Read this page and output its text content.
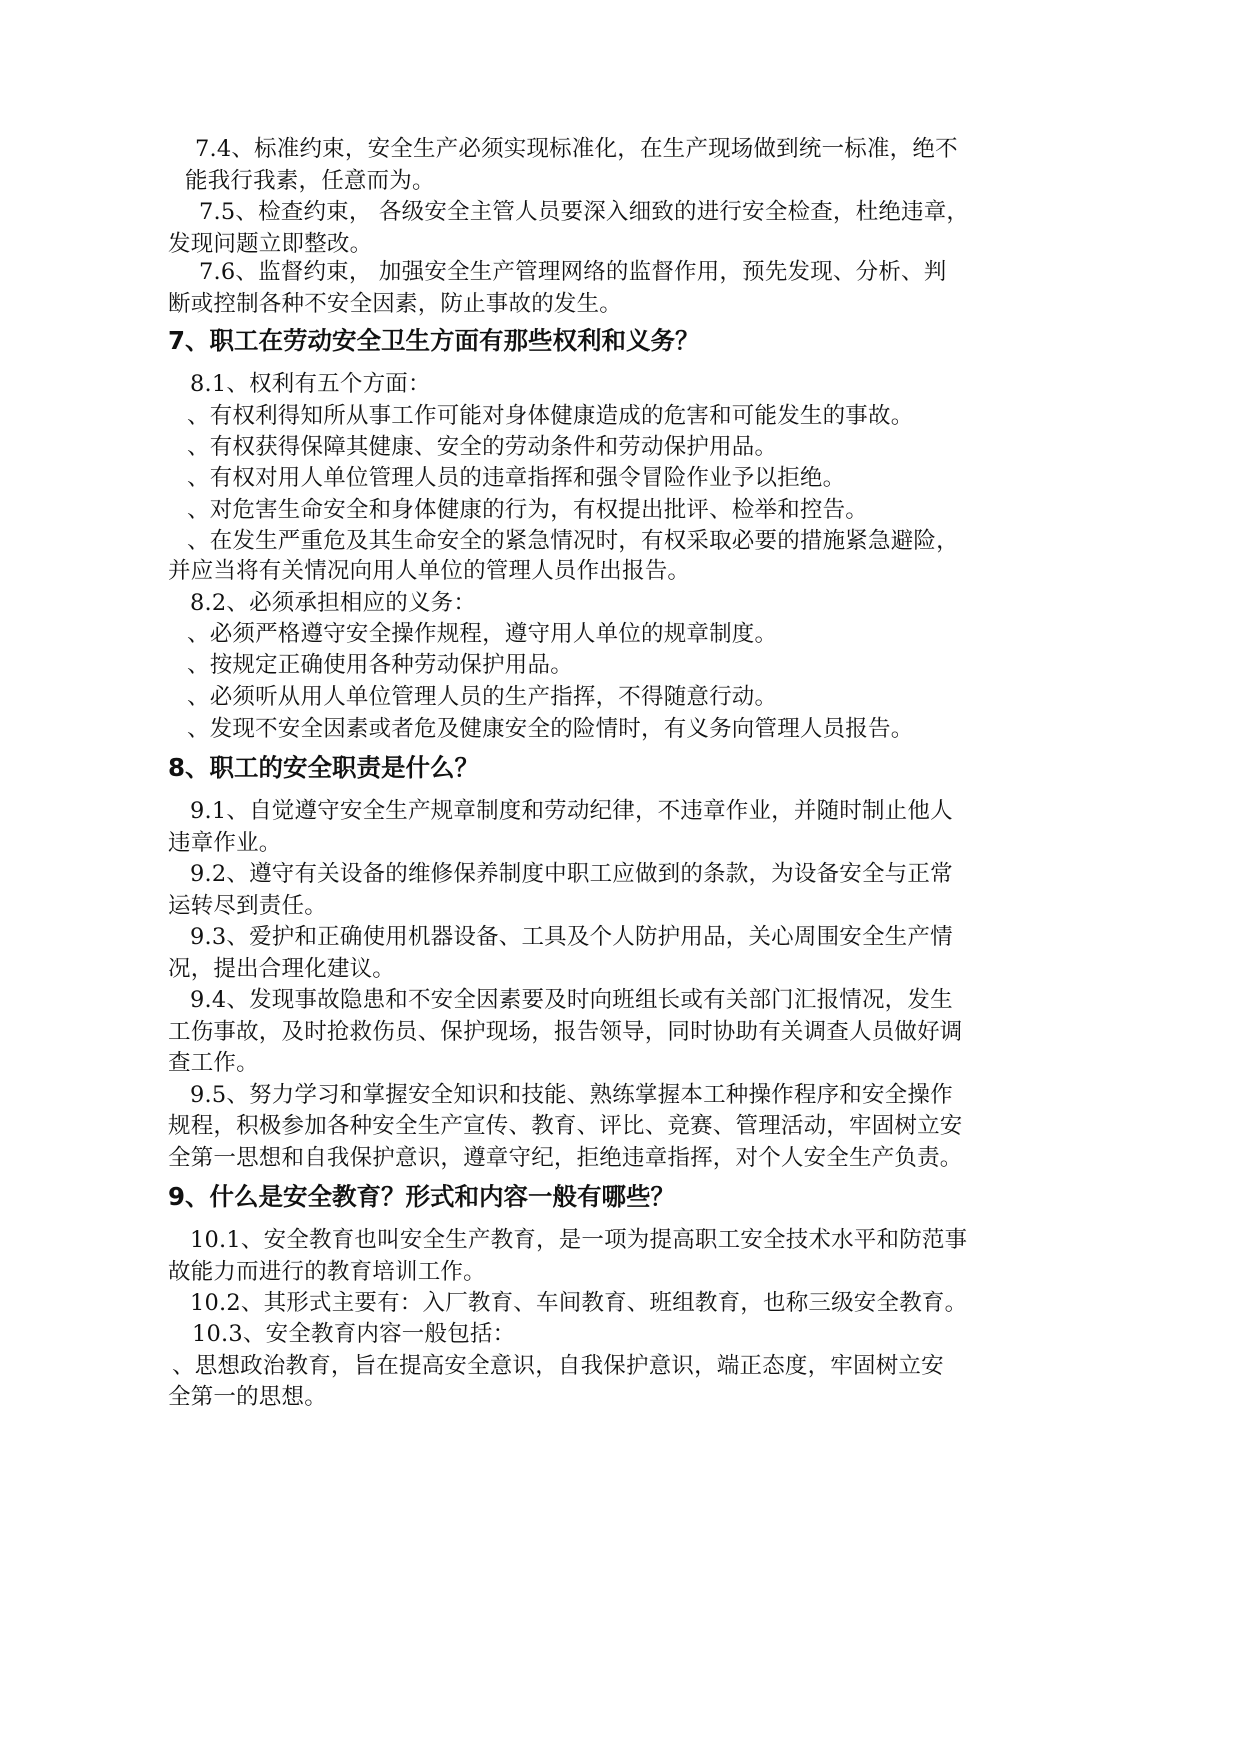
7.4、标准约束，安全生产必须实现标准化，在生产现场做到统一标准，绝不
能我行我素，任意而为。
7.5、检查约束， 各级安全主管人员要深入细致的进行安全检查，杜绝违章，
发现问题立即整改。
7.6、监督约束， 加强安全生产管理网络的监督作用，预先发现、分析、判
断或控制各种不安全因素，防止事故的发生。
7、职工在劳动安全卫生方面有那些权利和义务？
8.1、权利有五个方面：
、有权利得知所从事工作可能对身体健康造成的危害和可能发生的事故。
、有权获得保障其健康、安全的劳动条件和劳动保护用品。
、有权对用人单位管理人员的违章指挥和强令冒险作业予以拒绝。
、对危害生命安全和身体健康的行为，有权提出批评、检举和控告。
、在发生严重危及其生命安全的紧急情况时，有权采取必要的措施紧急避险，
并应当将有关情况向用人单位的管理人员作出报告。
8.2、必须承担相应的义务：
、必须严格遵守安全操作规程，遵守用人单位的规章制度。
、按规定正确使用各种劳动保护用品。
、必须听从用人单位管理人员的生产指挥，不得随意行动。
、发现不安全因素或者危及健康安全的险情时，有义务向管理人员报告。
8、职工的安全职责是什么？
9.1、自觉遵守安全生产规章制度和劳动纪律，不违章作业，并随时制止他人
违章作业。
9.2、遵守有关设备的维修保养制度中职工应做到的条款，为设备安全与正常
运转尽到责任。
9.3、爱护和正确使用机器设备、工具及个人防护用品，关心周围安全生产情
况，提出合理化建议。
9.4、发现事故隐患和不安全因素要及时向班组长或有关部门汇报情况，发生
工伤事故，及时抢救伤员、保护现场，报告领导，同时协助有关调查人员做好调
查工作。
9.5、努力学习和掌握安全知识和技能、熟练掌握本工种操作程序和安全操作
规程，积极参加各种安全生产宣传、教育、评比、竞赛、管理活动，牢固树立安
全第一思想和自我保护意识，遵章守纪，拒绝违章指挥，对个人安全生产负责。
9、什么是安全教育？形式和内容一般有哪些？
10.1、安全教育也叫安全生产教育，是一项为提高职工安全技术水平和防范事
故能力而进行的教育培训工作。
10.2、其形式主要有：入厂教育、车间教育、班组教育，也称三级安全教育。
10.3、安全教育内容一般包括：
、思想政治教育，旨在提高安全意识，自我保护意识，端正态度，牢固树立安
全第一的思想。
